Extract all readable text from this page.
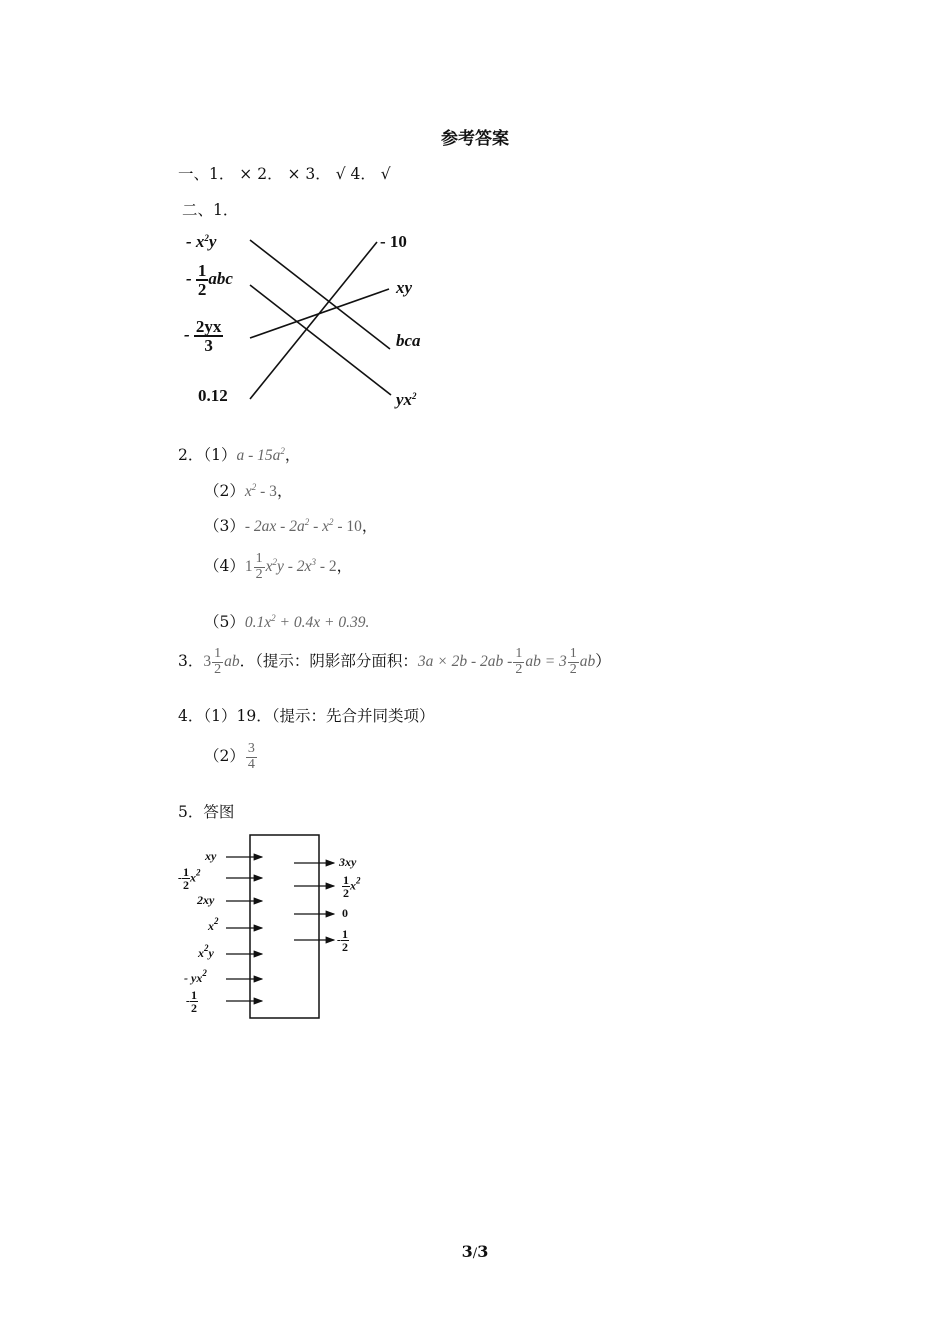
参考答案
一、1． × 2． × 3． √ 4． √
二、1．
- $x^2y$
- $\frac{1}{2}$ abc
- $\frac{2yx}{3}$
0.12
- 10
xy
bca
$yx^2$
2．$(1)a - 15a^2$，
$(2)x^2 - 3$，
（3）- $2ax - 2a^2 - x^2 - 10$，
$(4)1 \frac{1}{2} x^2y - 2x^3 - 2$，
$(5)0.1x^2 + 0.4x + 0.39$.
3．$3 \frac{1}{2}$ ab．（提示：阴影部分面积：$3a \times 2b - 2ab - \frac{1}{2}$ ab = $3 \frac{1}{2} ab$）
4．（1）19．（提示：先合并同类项）
$(2) \frac{3}{4}$
5．答图
xy
- $\frac{1}{2} x^2$
2xy
$x^2$
$x^2y$
- $yx^2$
- $\frac{1}{2}$
3xy
$\frac{1}{2} x^2$
0
- $\frac{1}{2}$
3/3
